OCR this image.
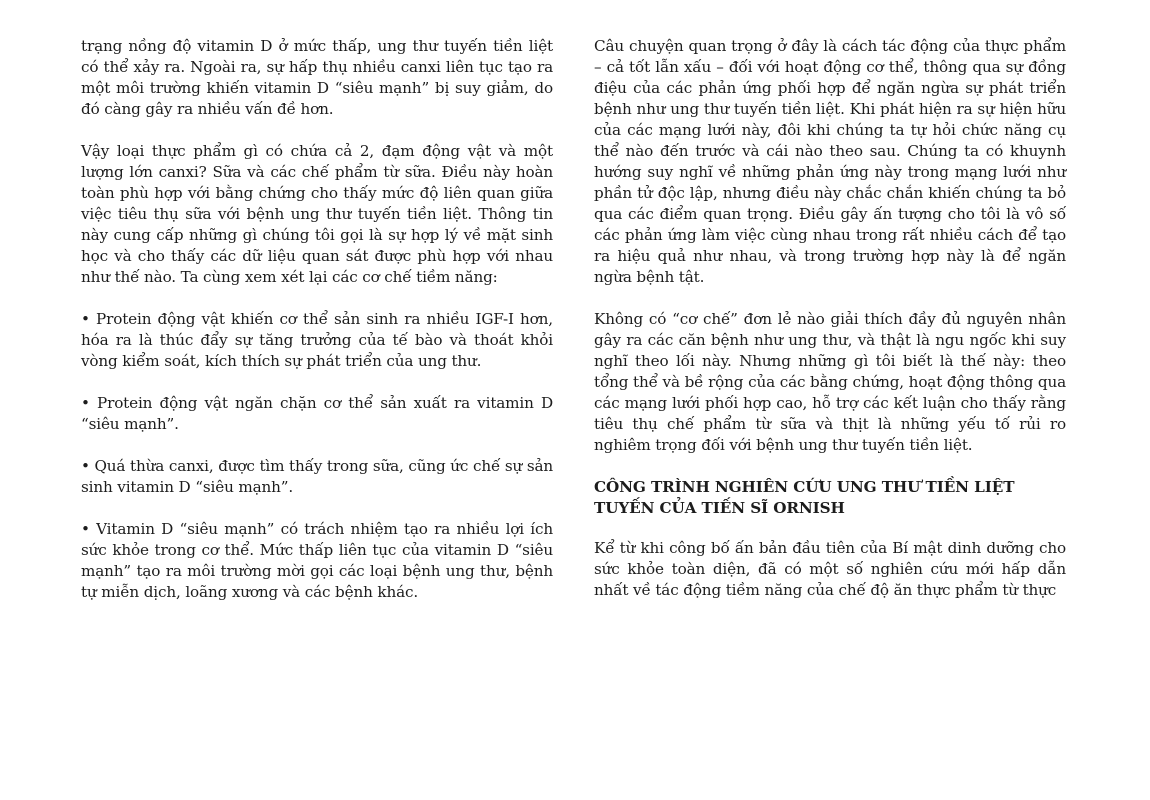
trạng nồng độ vitamin D ở mức thấp, ung thư tuyến tiền liệt có thể xảy ra. Ngoài ra, sự hấp thụ nhiều canxi liên tục tạo ra một môi trường khiến vitamin D “siêu mạnh” bị suy giảm, do đó càng gây ra nhiều vấn đề hơn.

Vậy loại thực phẩm gì có chứa cả 2, đạm động vật và một lượng lớn canxi? Sữa và các chế phẩm từ sữa. Điều này hoàn toàn phù hợp với bằng chứng cho thấy mức độ liên quan giữa việc tiêu thụ sữa với bệnh ung thư tuyến tiền liệt. Thông tin này cung cấp những gì chúng tôi gọi là sự hợp lý về mặt sinh học và cho thấy các dữ liệu quan sát được phù hợp với nhau như thế nào. Ta cùng xem xét lại các cơ chế tiềm năng:

• Protein động vật khiến cơ thể sản sinh ra nhiều IGF-I hơn, hóa ra là thúc đẩy sự tăng trưởng của tế bào và thoát khỏi vòng kiểm soát, kích thích sự phát triển của ung thư.

• Protein động vật ngăn chặn cơ thể sản xuất ra vitamin D “siêu mạnh”.

• Quá thừa canxi, được tìm thấy trong sữa, cũng ức chế sự sản sinh vitamin D “siêu mạnh”.

• Vitamin D “siêu mạnh” có trách nhiệm tạo ra nhiều lợi ích sức khỏe trong cơ thể. Mức thấp liên tục của vitamin D “siêu mạnh” tạo ra môi trường mời gọi các loại bệnh ung thư, bệnh tự miễn dịch, loãng xương và các bệnh khác.

Câu chuyện quan trọng ở đây là cách tác động của thực phẩm – cả tốt lẫn xấu – đối với hoạt động cơ thể, thông qua sự đồng điệu của các phản ứng phối hợp để ngăn ngừa sự phát triển bệnh như ung thư tuyến tiền liệt. Khi phát hiện ra sự hiện hữu của các mạng lưới này, đôi khi chúng ta tự hỏi chức năng cụ thể nào đến trước và cái nào theo sau. Chúng ta có khuynh hướng suy nghĩ về những phản ứng này trong mạng lưới như phần tử độc lập, nhưng điều này chắc chắn khiến chúng ta bỏ qua các điểm quan trọng. Điều gây ấn tượng cho tôi là vô số các phản ứng làm việc cùng nhau trong rất nhiều cách để tạo ra hiệu quả như nhau, và trong trường hợp này là để ngăn ngừa bệnh tật.

Không có “cơ chế” đơn lẻ nào giải thích đầy đủ nguyên nhân gây ra các căn bệnh như ung thư, và thật là ngu ngốc khi suy nghĩ theo lối này. Nhưng những gì tôi biết là thế này: theo tổng thể và bề rộng của các bằng chứng, hoạt động thông qua các mạng lưới phối hợp cao, hỗ trợ các kết luận cho thấy rằng tiêu thụ chế phẩm từ sữa và thịt là những yếu tố rủi ro nghiêm trọng đối với bệnh ung thư tuyến tiền liệt.

CÔNG TRÌNH NGHIÊN CỨU UNG THƯ TIỀN LIỆT TUYẾN CỦA TIẾN SĨ ORNISH

Kể từ khi công bố ấn bản đầu tiên của Bí mật dinh dưỡng cho sức khỏe toàn diện, đã có một số nghiên cứu mới hấp dẫn nhất về tác động tiềm năng của chế độ ăn thực phẩm từ thực
